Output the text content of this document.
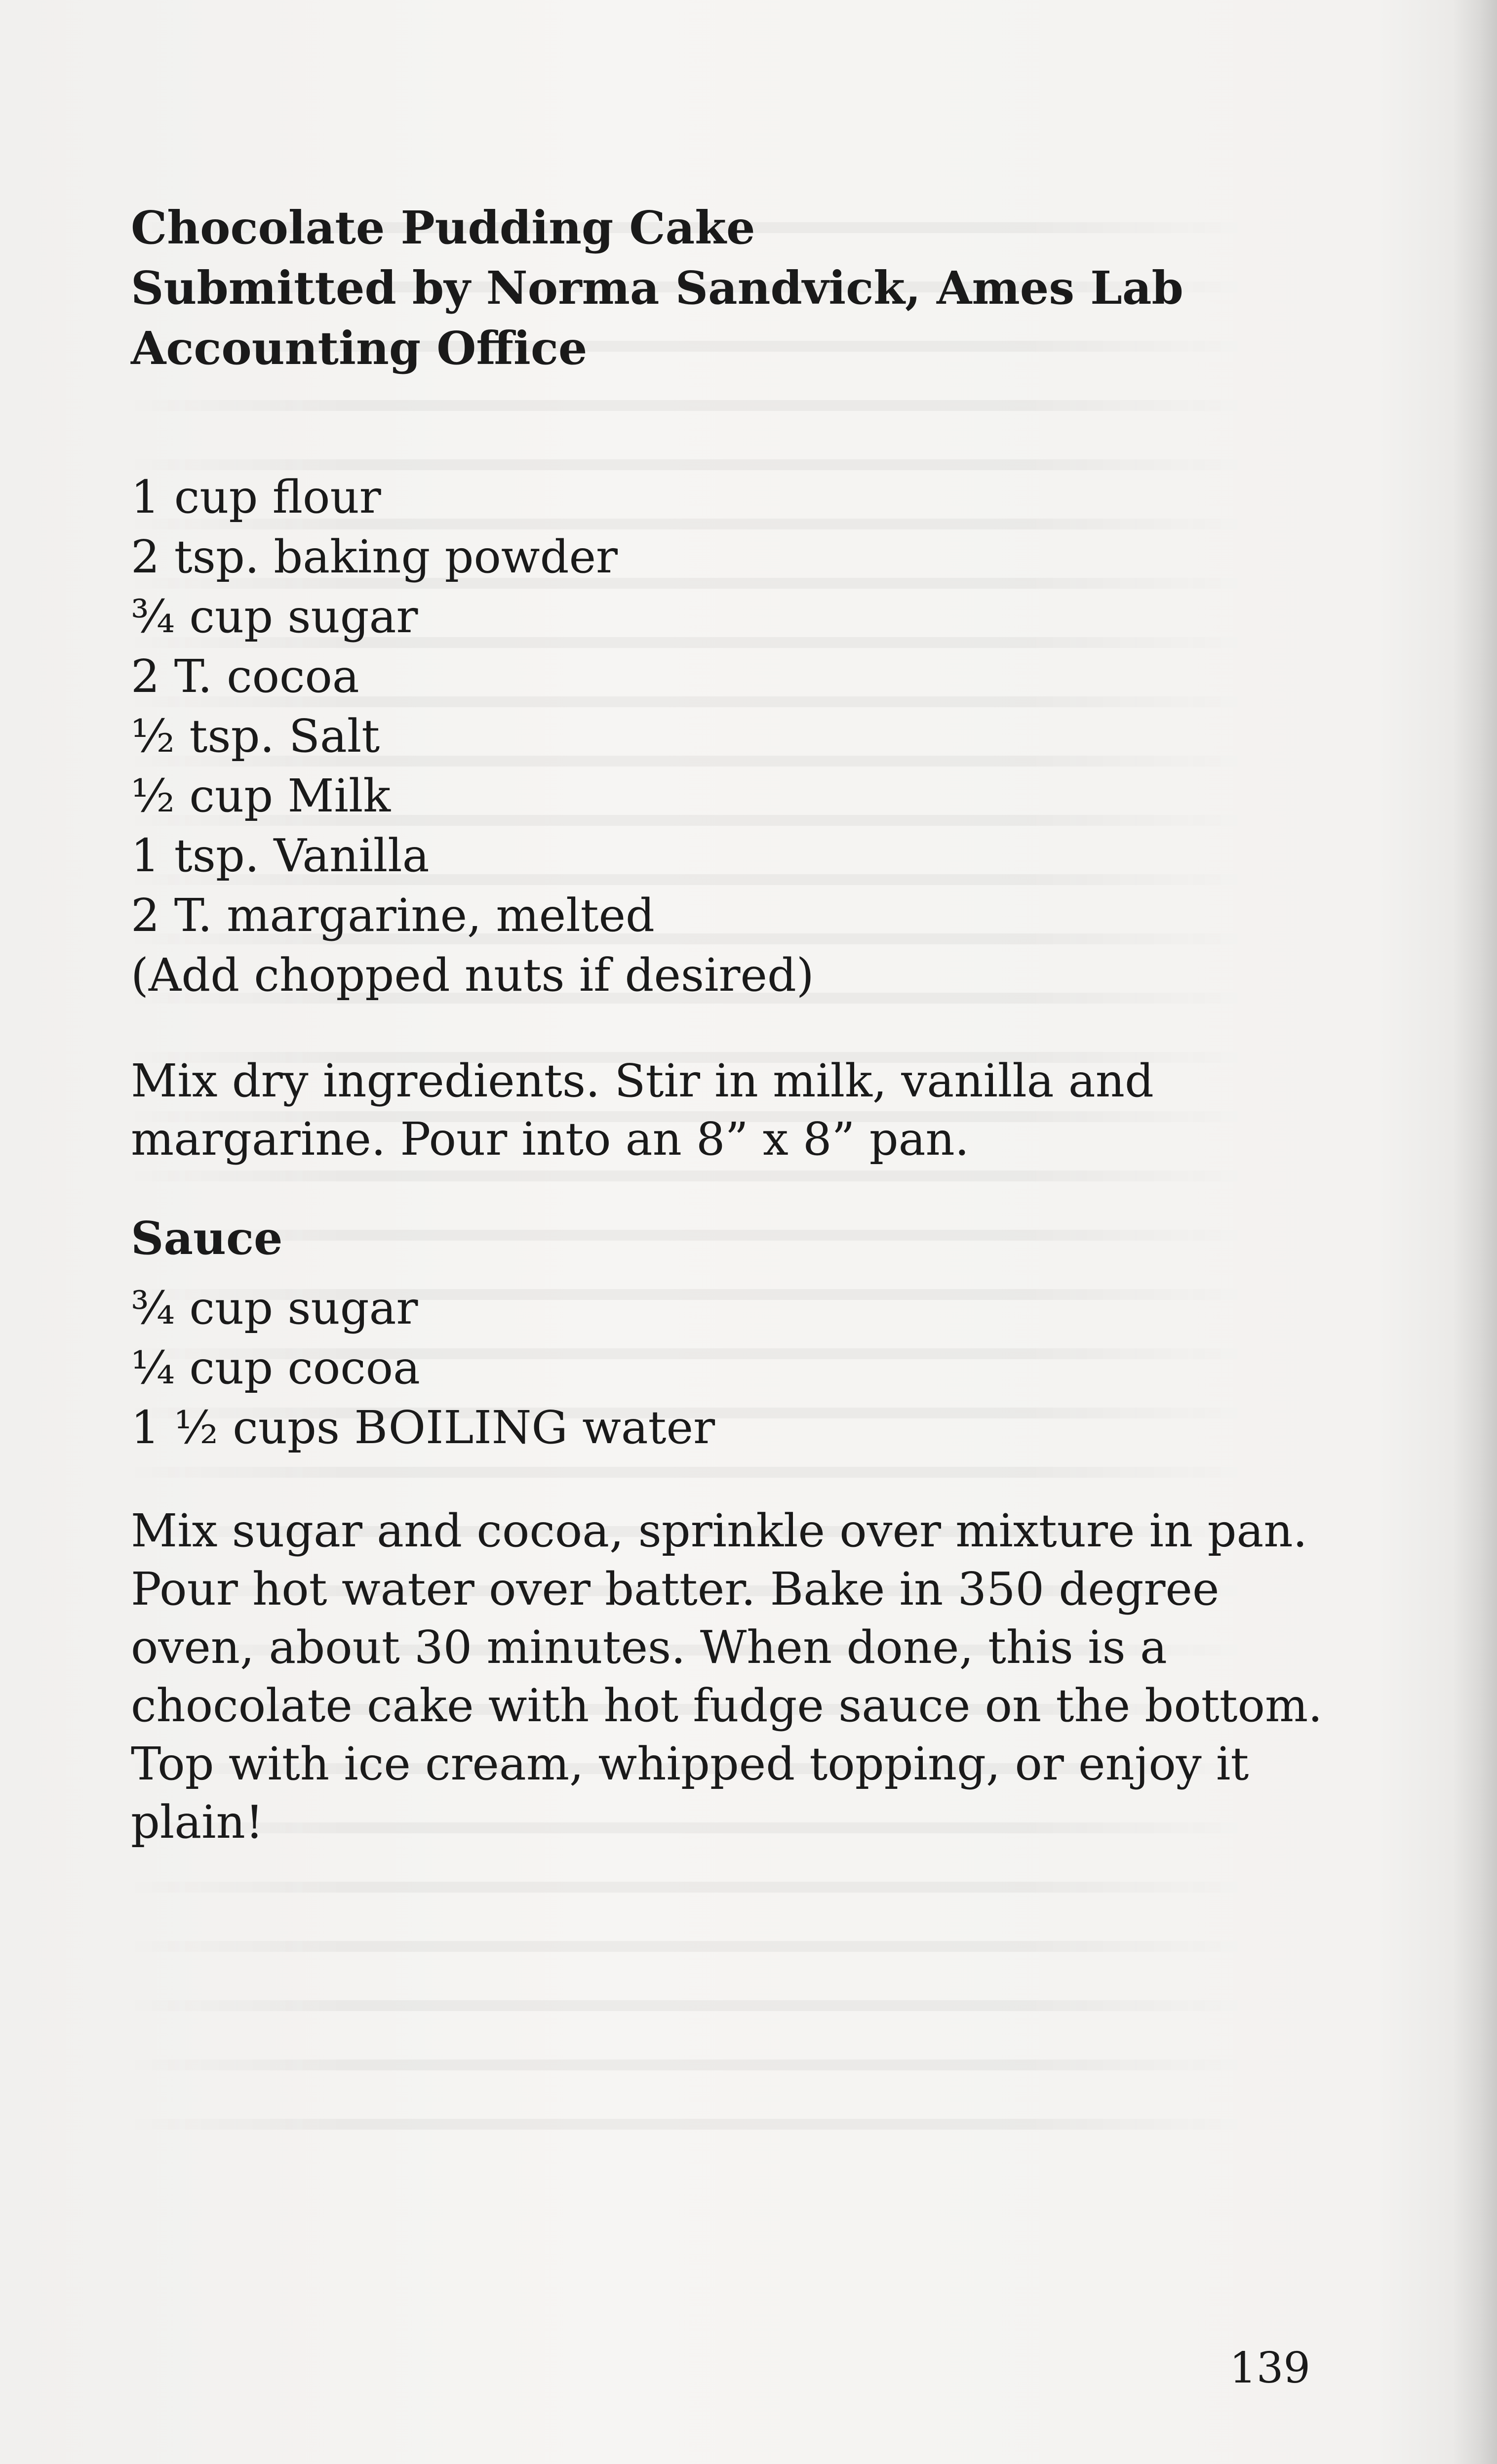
Chocolate Pudding Cake
Submitted by Norma Sandvick, Ames Lab
Accounting Office
1 cup flour
2 tsp. baking powder
¾ cup sugar
2 T. cocoa
½ tsp. Salt
½ cup Milk
1 tsp. Vanilla
2 T. margarine, melted
(Add chopped nuts if desired)

Mix dry ingredients. Stir in milk, vanilla and margarine. Pour into an 8” x 8” pan.

Sauce
¾ cup sugar
¼ cup cocoa
1 ½ cups BOILING water

Mix sugar and cocoa, sprinkle over mixture in pan. Pour hot water over batter. Bake in 350 degree oven, about 30 minutes. When done, this is a chocolate cake with hot fudge sauce on the bottom. Top with ice cream, whipped topping, or enjoy it plain!

139
